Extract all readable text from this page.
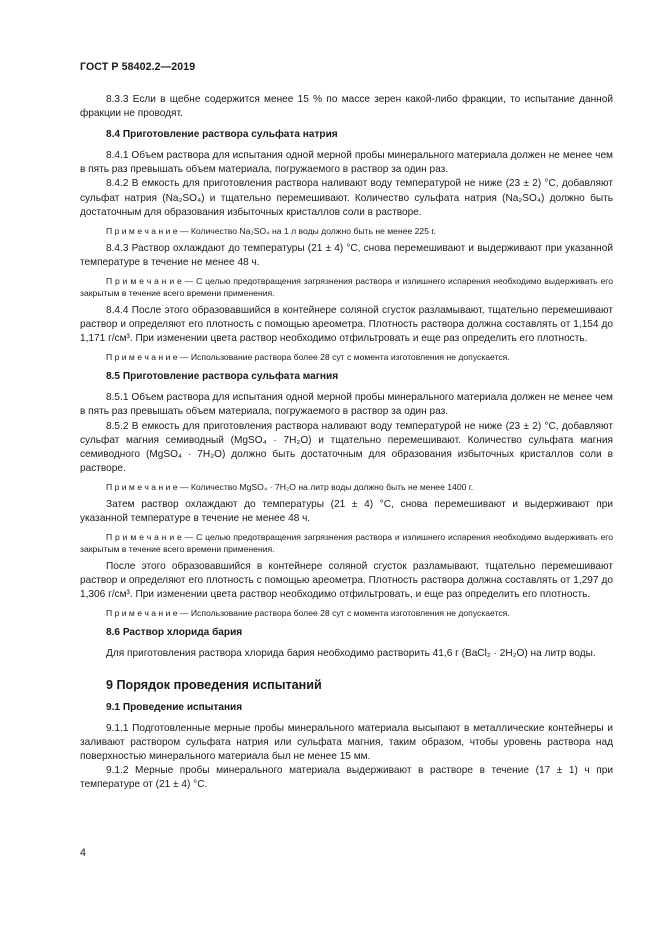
ГОСТ Р 58402.2—2019

8.3.3 Если в щебне содержится менее 15 % по массе зерен какой-либо фракции, то испытание данной фракции не проводят.

8.4 Приготовление раствора сульфата натрия

8.4.1 Объем раствора для испытания одной мерной пробы минерального материала должен не менее чем в пять раз превышать объем материала, погружаемого в раствор за один раз.

8.4.2 В емкость для приготовления раствора наливают воду температурой не ниже (23 ± 2) °С, добавляют сульфат натрия (Na₂SO₄) и тщательно перемешивают. Количество сульфата натрия (Na₂SO₄) должно быть достаточным для образования избыточных кристаллов соли в растворе.

П р и м е ч а н и е — Количество Na₂SO₄ на 1 л воды должно быть не менее 225 г.

8.4.3 Раствор охлаждают до температуры (21 ± 4) °С, снова перемешивают и выдерживают при указанной температуре в течение не менее 48 ч.

П р и м е ч а н и е — С целью предотвращения загрязнения раствора и излишнего испарения необходимо выдерживать его закрытым в течение всего времени применения.

8.4.4 После этого образовавшийся в контейнере соляной сгусток разламывают, тщательно перемешивают раствор и определяют его плотность с помощью ареометра. Плотность раствора должна составлять от 1,154 до 1,171 г/см³. При изменении цвета раствор необходимо отфильтровать и еще раз определить его плотность.

П р и м е ч а н и е — Использование раствора более 28 сут с момента изготовления не допускается.

8.5 Приготовление раствора сульфата магния

8.5.1 Объем раствора для испытания одной мерной пробы минерального материала должен не менее чем в пять раз превышать объем материала, погружаемого в раствор за один раз.

8.5.2 В емкость для приготовления раствора наливают воду температурой не ниже (23 ± 2) °С, добавляют сульфат магния семиводный (MgSO₄ · 7H₂O) и тщательно перемешивают. Количество сульфата магния семиводного (MgSO₄ · 7H₂O) должно быть достаточным для образования избыточных кристаллов соли в растворе.

П р и м е ч а н и е — Количество MgSO₄ · 7H₂O на литр воды должно быть не менее 1400 г.

Затем раствор охлаждают до температуры (21 ± 4) °С, снова перемешивают и выдерживают при указанной температуре в течение не менее 48 ч.

П р и м е ч а н и е — С целью предотвращения загрязнения раствора и излишнего испарения необходимо выдерживать его закрытым в течение всего времени применения.

После этого образовавшийся в контейнере соляной сгусток разламывают, тщательно перемешивают раствор и определяют его плотность с помощью ареометра. Плотность раствора должна составлять от 1,297 до 1,306 г/см³. При изменении цвета раствор необходимо отфильтровать, и еще раз определить его плотность.

П р и м е ч а н и е — Использование раствора более 28 сут с момента изготовления не допускается.

8.6 Раствор хлорида бария

Для приготовления раствора хлорида бария необходимо растворить 41,6 г (BaCl₂ · 2H₂O) на литр воды.

9 Порядок проведения испытаний
9.1 Проведение испытания

9.1.1 Подготовленные мерные пробы минерального материала высыпают в металлические контейнеры и заливают раствором сульфата натрия или сульфата магния, таким образом, чтобы уровень раствора над поверхностью минерального материала был не менее 15 мм.

9.1.2 Мерные пробы минерального материала выдерживают в растворе в течение (17 ± 1) ч при температуре от (21 ± 4) °С.

4
